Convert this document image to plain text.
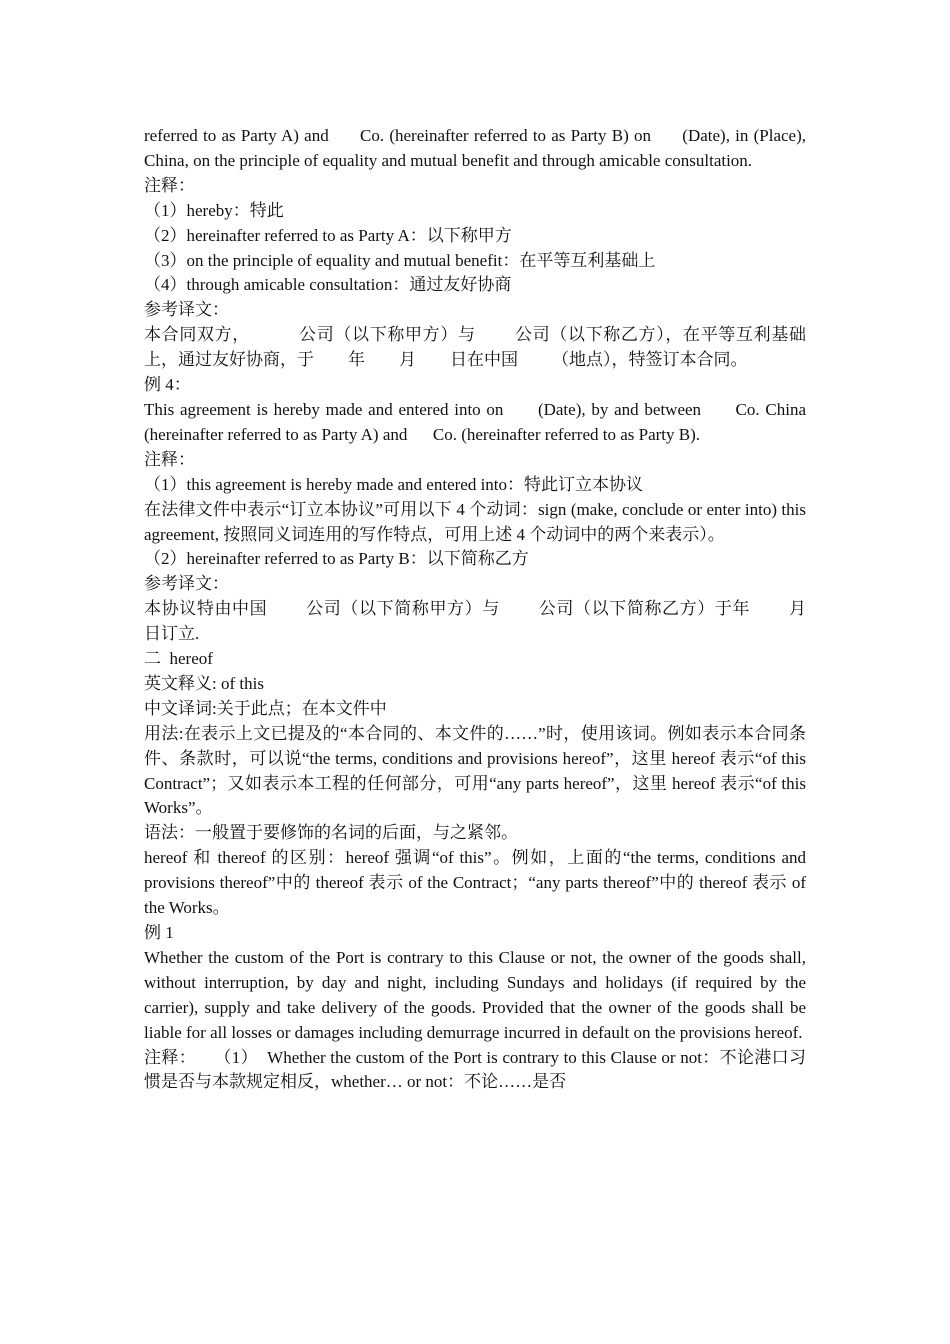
referred to as Party A) and      Co. (hereinafter referred to as Party B) on      (Date), in (Place), China, on the principle of equality and mutual benefit and through amicable consultation.

注释：

（1）hereby：特此

（2）hereinafter referred to as Party A：以下称甲方

（3）on the principle of equality and mutual benefit：在平等互利基础上

（4）through amicable consultation：通过友好协商

参考译文：

本合同双方，          公司（以下称甲方）与        公司（以下称乙方），在平等互利基础上，通过友好协商，于        年        月        日在中国        （地点），特签订本合同。

例 4：

This agreement is hereby made and entered into on      (Date), by and between      Co. China (hereinafter referred to as Party A) and      Co. (hereinafter referred to as Party B).

注释：

（1）this agreement is hereby made and entered into：特此订立本协议

在法律文件中表示“订立本协议”可用以下 4 个动词：sign (make, conclude or enter into) this agreement, 按照同义词连用的写作特点，可用上述 4 个动词中的两个来表示）。

（2）hereinafter referred to as Party B：以下简称乙方

参考译文：

本协议特由中国        公司（以下简称甲方）与        公司（以下简称乙方）于年        月        日订立.

二  hereof

英文释义: of this

中文译词:关于此点；在本文件中

用法:在表示上文已提及的“本合同的、本文件的……”时，使用该词。例如表示本合同条件、条款时，可以说“the terms, conditions and provisions hereof”，这里 hereof 表示“of this Contract”；又如表示本工程的任何部分，可用“any parts hereof”，这里 hereof 表示“of this Works”。

语法：一般置于要修饰的名词的后面，与之紧邻。

hereof 和 thereof 的区别：hereof 强调“of this”。例如，上面的“the terms, conditions and provisions thereof”中的 thereof 表示 of the Contract；“any parts thereof”中的 thereof 表示 of the Works。

例 1

Whether the custom of the Port is contrary to this Clause or not, the owner of the goods shall, without interruption, by day and night, including Sundays and holidays (if required by the carrier), supply and take delivery of the goods. Provided that the owner of the goods shall be liable for all losses or damages including demurrage incurred in default on the provisions hereof.

注释：    （1）  Whether the custom of the Port is contrary to this Clause or not：不论港口习惯是否与本款规定相反，whether… or not：不论……是否
